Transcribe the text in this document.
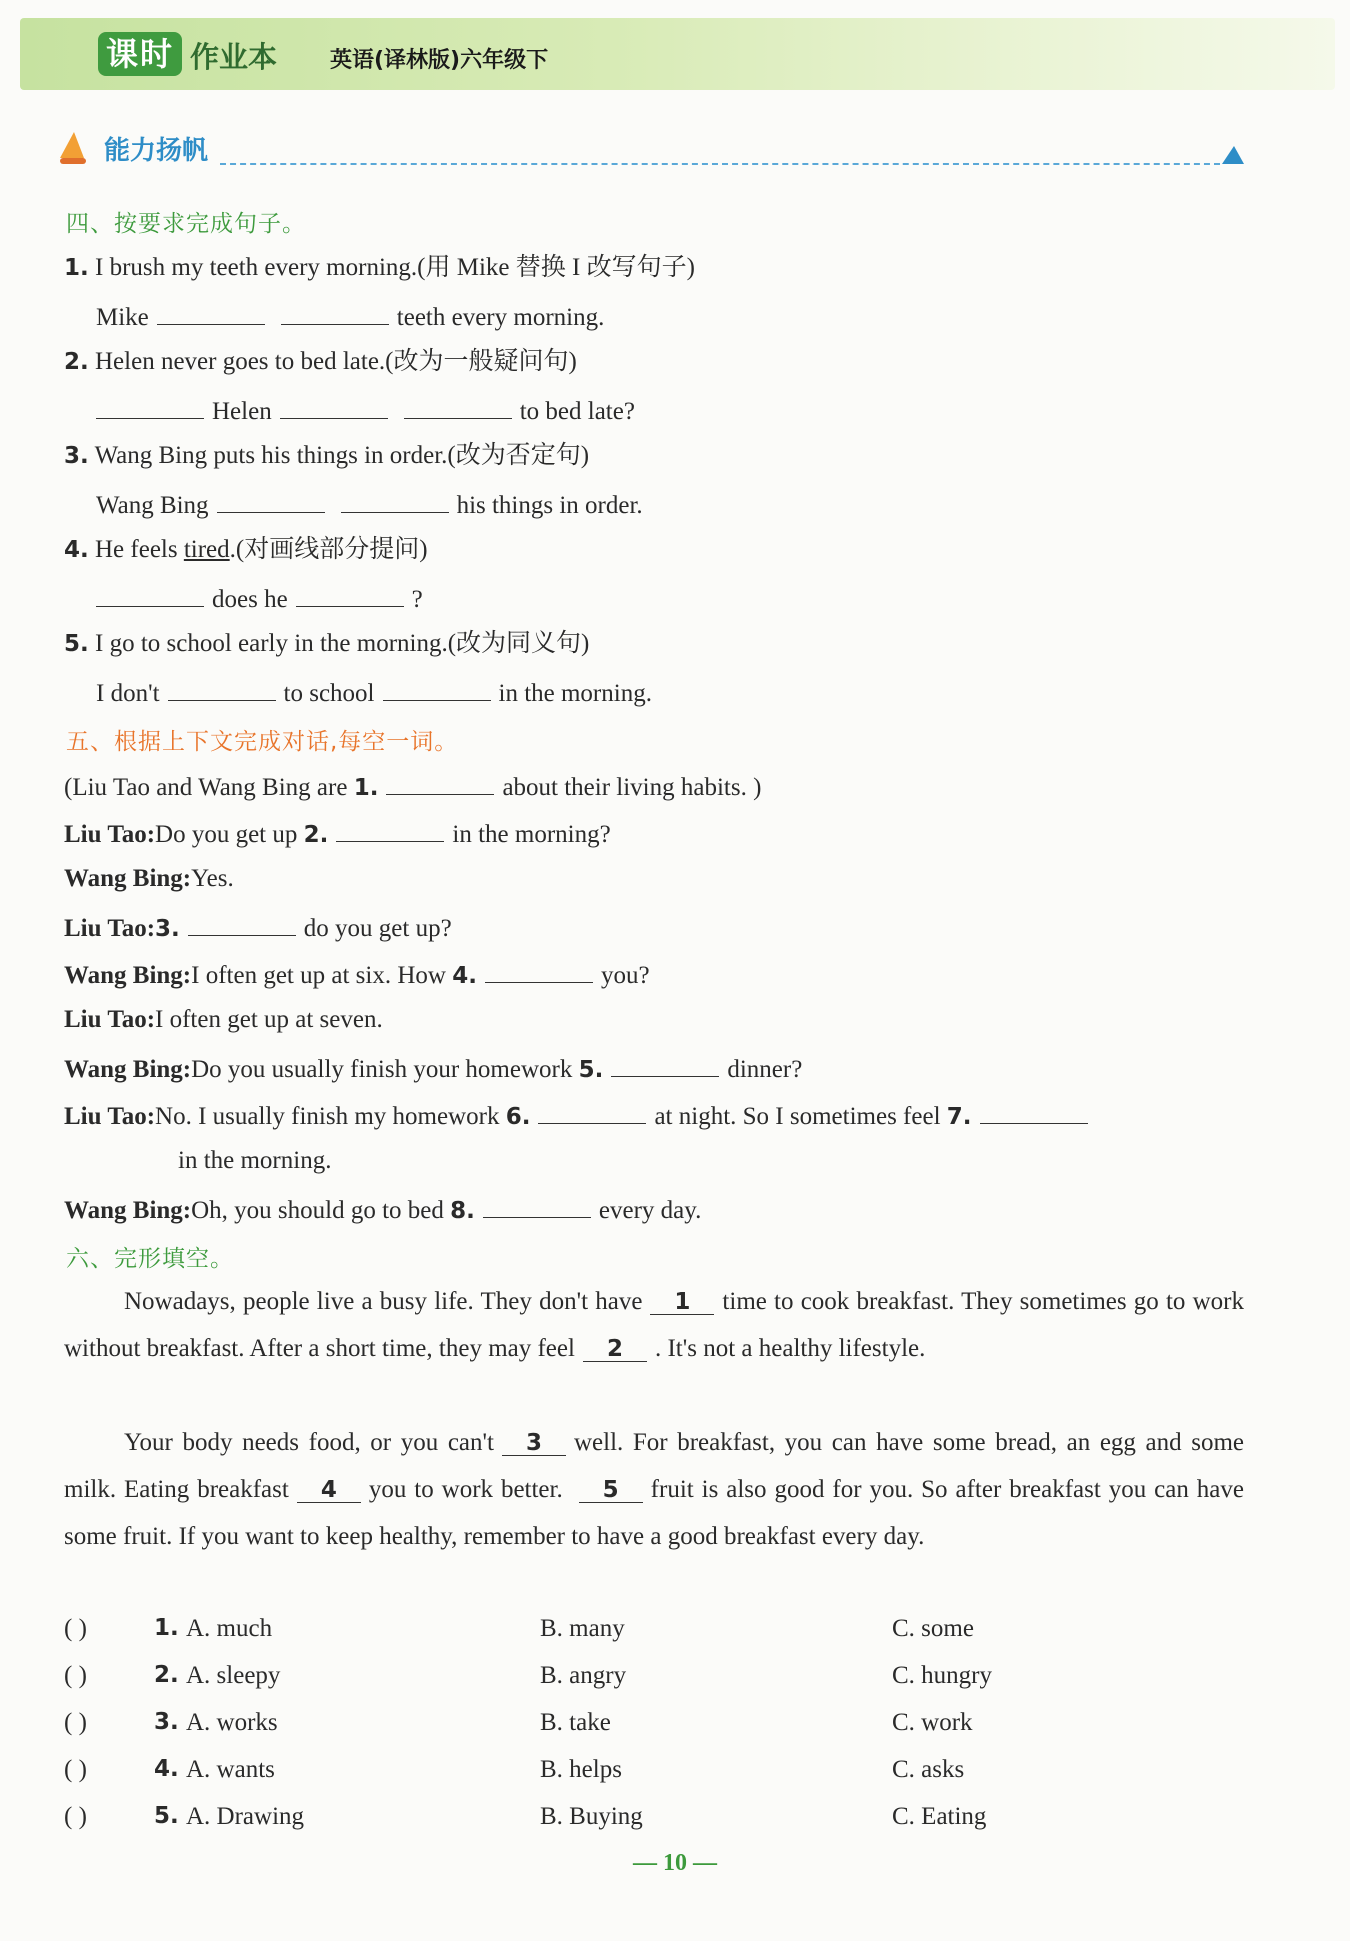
课时 作业本 英语(译林版)六年级下
能力扬帆
四、按要求完成句子。
1. I brush my teeth every morning.(用 Mike 替换 I 改写句子)
Mike	teeth every morning.
2. Helen never goes to bed late.(改为一般疑问句)
Helen	to bed late?
3. Wang Bing puts his things in order.(改为否定句)
Wang Bing	his things in order.
4. He feels tired.(对画线部分提问)
does he	?
5. I go to school early in the morning.(改为同义句)
I don't	to school	in the morning.
五、根据上下文完成对话,每空一词。
(Liu Tao and Wang Bing are 1.	about their living habits. )
Liu Tao:Do you get up 2.	in the morning?
Wang Bing:Yes.
Liu Tao:3.	do you get up?
Wang Bing:I often get up at six. How 4.	you?
Liu Tao:I often get up at seven.
Wang Bing:Do you usually finish your homework 5.	dinner?
Liu Tao:No. I usually finish my homework 6.	at night. So I sometimes feel 7.
in the morning.
Wang Bing:Oh, you should go to bed 8.	every day.
六、完形填空。
Nowadays, people live a busy life. They don't have 1 time to cook breakfast. They sometimes go to work without breakfast. After a short time, they may feel 2 . It's not a healthy lifestyle.
Your body needs food, or you can't 3 well. For breakfast, you can have some bread, an egg and some milk. Eating breakfast 4 you to work better. 5 fruit is also good for you. So after breakfast you can have some fruit. If you want to keep healthy, remember to have a good breakfast every day.
( )	1. A. much	B. many	C. some
( )	2. A. sleepy	B. angry	C. hungry
( )	3. A. works	B. take	C. work
( )	4. A. wants	B. helps	C. asks
( )	5. A. Drawing	B. Buying	C. Eating
— 10 —
